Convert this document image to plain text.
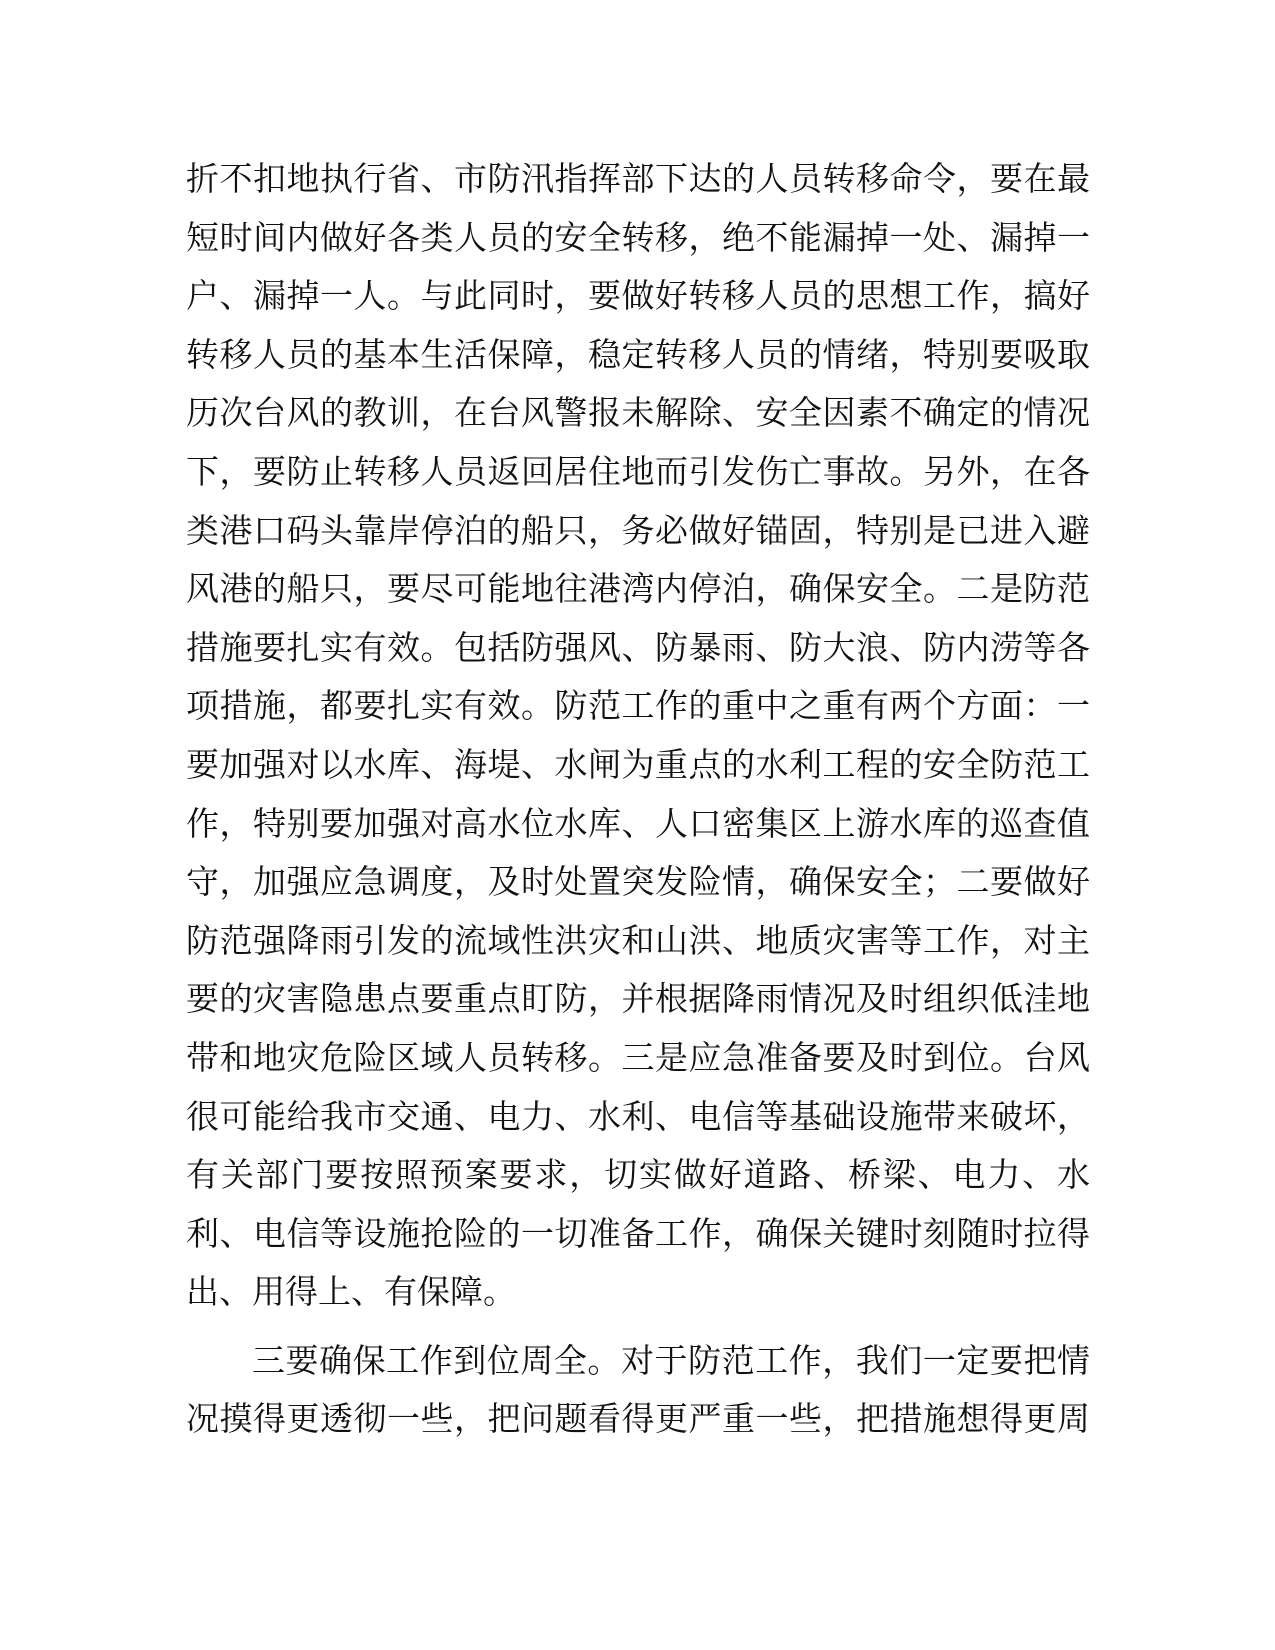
折不扣地执行省、市防汛指挥部下达的人员转移命令，要在最
短时间内做好各类人员的安全转移，绝不能漏掉一处、漏掉一
户、漏掉一人。与此同时，要做好转移人员的思想工作，搞好
转移人员的基本生活保障，稳定转移人员的情绪，特别要吸取
历次台风的教训，在台风警报未解除、安全因素不确定的情况
下，要防止转移人员返回居住地而引发伤亡事故。另外，在各
类港口码头靠岸停泊的船只，务必做好锚固，特别是已进入避
风港的船只，要尽可能地往港湾内停泊，确保安全。二是防范
措施要扎实有效。包括防强风、防暴雨、防大浪、防内涝等各
项措施，都要扎实有效。防范工作的重中之重有两个方面：一
要加强对以水库、海堤、水闸为重点的水利工程的安全防范工
作，特别要加强对高水位水库、人口密集区上游水库的巡查值
守，加强应急调度，及时处置突发险情，确保安全；二要做好
防范强降雨引发的流域性洪灾和山洪、地质灾害等工作，对主
要的灾害隐患点要重点盯防，并根据降雨情况及时组织低洼地
带和地灾危险区域人员转移。三是应急准备要及时到位。台风
很可能给我市交通、电力、水利、电信等基础设施带来破坏，
有关部门要按照预案要求，切实做好道路、桥梁、电力、水
利、电信等设施抢险的一切准备工作，确保关键时刻随时拉得
出、用得上、有保障。
三要确保工作到位周全。对于防范工作，我们一定要把情
况摸得更透彻一些，把问题看得更严重一些，把措施想得更周
